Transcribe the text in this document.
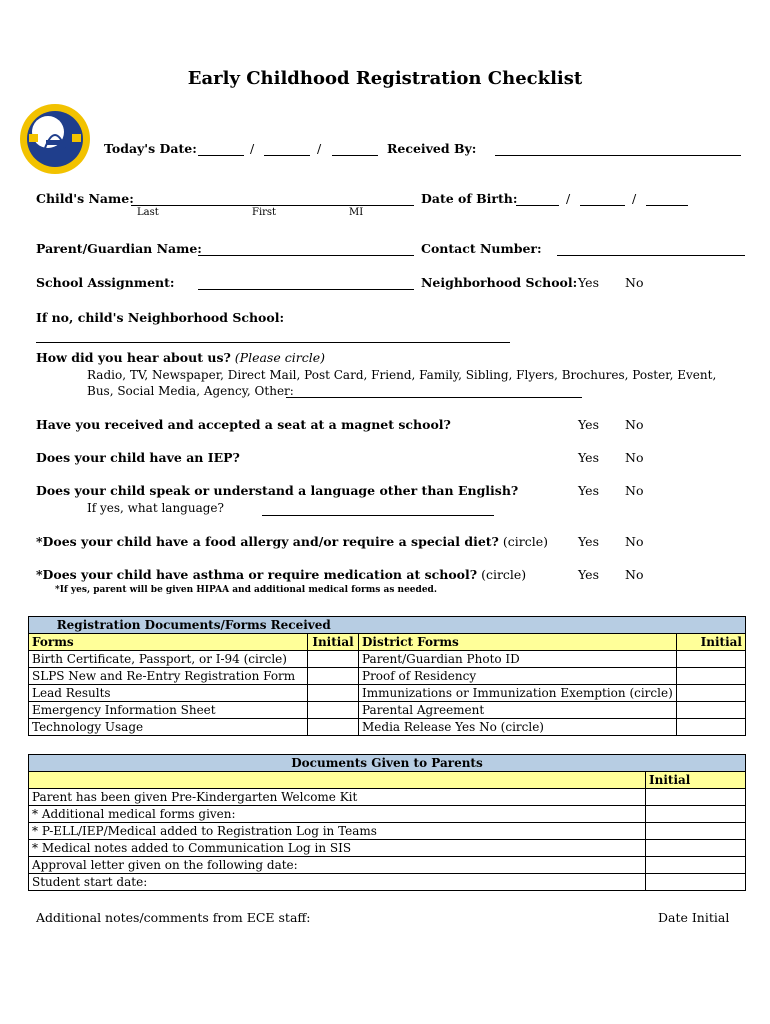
Early Childhood Registration Checklist
Today's Date:	/	/	Received By:
Child's Name:
Last	First	MI
Date of Birth:	/	/
Parent/Guardian Name:	Contact Number:
School Assignment:	Neighborhood School: Yes No
If no, child's Neighborhood School:
How did you hear about us? (Please circle)
Radio, TV, Newspaper, Direct Mail, Post Card, Friend, Family, Sibling, Flyers, Brochures, Poster, Event,
Bus, Social Media, Agency, Other:
Have you received and accepted a seat at a magnet school?	Yes No
Does your child have an IEP?	Yes No
Does your child speak or understand a language other than English?	Yes No
If yes, what language?
*Does your child have a food allergy and/or require a special diet? (circle) Yes No
*Does your child have asthma or require medication at school? (circle)	Yes No
*If yes, parent will be given HIPAA and additional medical forms as needed.
Registration Documents/Forms Received			
Forms	Initial	District Forms	Initial
Birth Certificate, Passport, or I-94 (circle)		Parent/Guardian Photo ID	
SLPS New and Re-Entry Registration Form		Proof of Residency	
Lead Results		Immunizations or Immunization Exemption (circle)	
Emergency Information Sheet		Parental Agreement	
Technology Usage		Media Release Yes No (circle)	
Documents Given to Parents	
	Initial
Parent has been given Pre-Kindergarten Welcome Kit	
* Additional medical forms given:	
* P-ELL/IEP/Medical added to Registration Log in Teams	
* Medical notes added to Communication Log in SIS	
Approval letter given on the following date:	
Student start date:	
Additional notes/comments from ECE staff:	Date Initial
